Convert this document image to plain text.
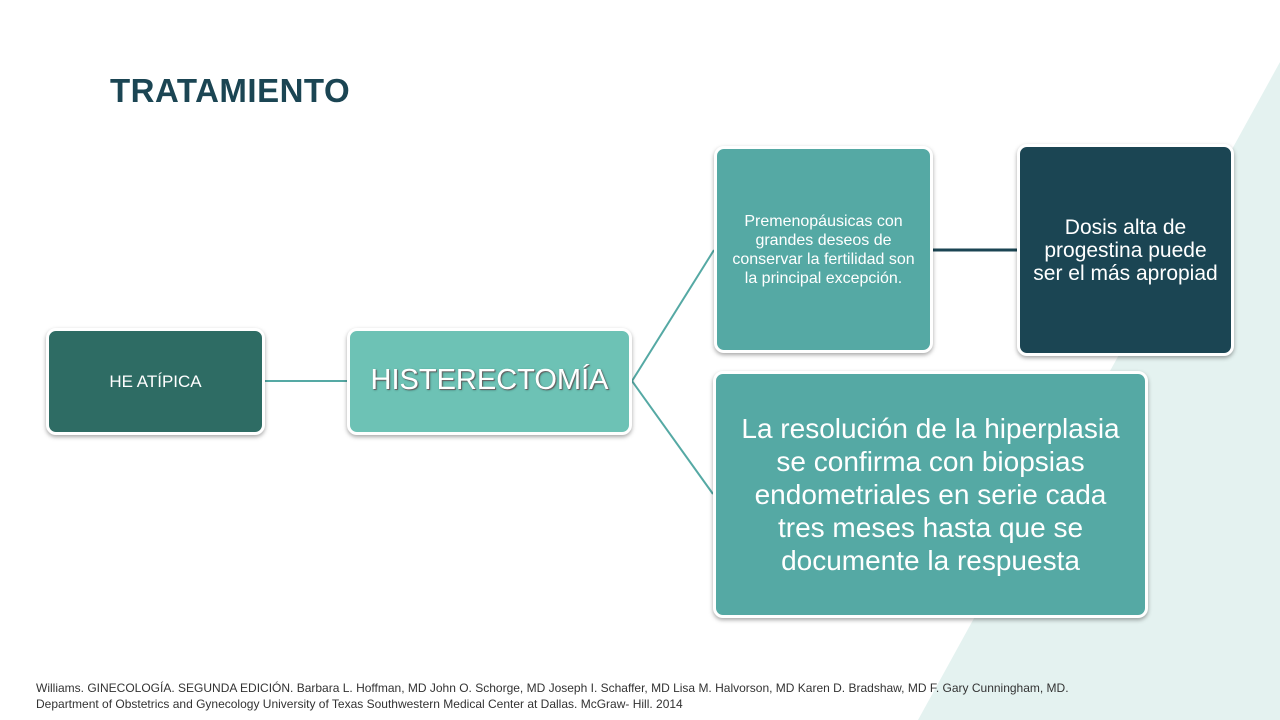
TRATAMIENTO
HE ATÍPICA	HISTERECTOMÍA
Premenopáusicas con grandes deseos de conservar la fertilidad son la principal excepción.
Dosis alta de progestina puede ser el más apropiad
La resolución de la hiperplasia se confirma con biopsias endometriales en serie cada tres meses hasta que se documente la respuesta

Williams. GINECOLOGÍA. SEGUNDA EDICIÓN. Barbara L. Hoffman, MD John O. Schorge, MD Joseph I. Schaffer, MD Lisa M. Halvorson, MD Karen D. Bradshaw, MD F. Gary Cunningham, MD.
Department of Obstetrics and Gynecology University of Texas Southwestern Medical Center at Dallas. McGraw- Hill. 2014
